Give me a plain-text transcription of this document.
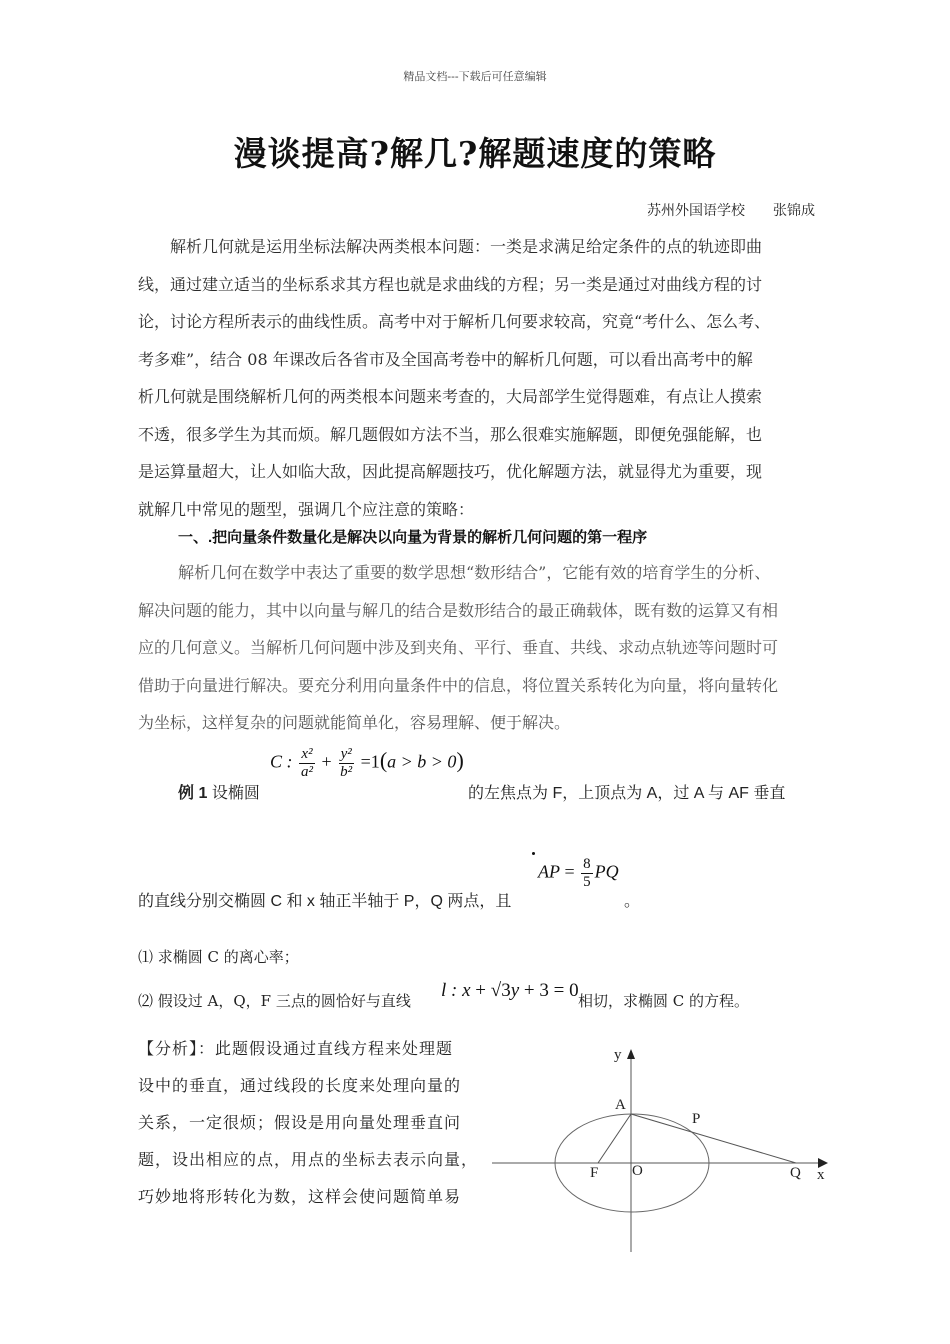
精品文档---下载后可任意编辑
漫谈提高?解几?解题速度的策略
苏州外国语学校　　张锦成
解析几何就是运用坐标法解决两类根本问题：一类是求满足给定条件的点的轨迹即曲
线，通过建立适当的坐标系求其方程也就是求曲线的方程；另一类是通过对曲线方程的讨
论，讨论方程所表示的曲线性质。高考中对于解析几何要求较高，究竟“考什么、怎么考、
考多难”，结合 08 年课改后各省市及全国高考卷中的解析几何题，可以看出高考中的解
析几何就是围绕解析几何的两类根本问题来考查的，大局部学生觉得题难，有点让人摸索
不透，很多学生为其而烦。解几题假如方法不当，那么很难实施解题，即便免强能解，也
是运算量超大，让人如临大敌，因此提高解题技巧，优化解题方法，就显得尤为重要，现
就解几中常见的题型，强调几个应注意的策略：
一、.把向量条件数量化是解决以向量为背景的解析几何问题的第一程序
解析几何在数学中表达了重要的数学思想“数形结合”，它能有效的培育学生的分析、
解决问题的能力，其中以向量与解几的结合是数形结合的最正确载体，既有数的运算又有相
应的几何意义。当解析几何问题中涉及到夹角、平行、垂直、共线、求动点轨迹等问题时可
借助于向量进行解决。要充分利用向量条件中的信息，将位置关系转化为向量，将向量转化
为坐标，这样复杂的问题就能简单化，容易理解、便于解决。
例 1 设椭圆
C : $\frac{\text{x²}}{\text{a²}} + \frac{\text{y²}}{\text{b²}} =1(a > b > 0)$
的左焦点为 F，上顶点为 A，过 A 与 AF 垂直
的直线分别交椭圆 C 和 x 轴正半轴于 P，Q 两点，且
AP = $\frac{8}{5}$ PQ
。
⑴ 求椭圆 C 的离心率；
⑵ 假设过 A，Q，F 三点的圆恰好与直线 l : x + √3y + 3 = 0 相切，求椭圆 C 的方程。
【分析】：此题假设通过直线方程来处理题
设中的垂直，通过线段的长度来处理向量的
关系，一定很烦；假设是用向量处理垂直问
题，设出相应的点，用点的坐标去表示向量，
巧妙地将形转化为数，这样会使问题简单易
y
x
A
P
F O	Q
